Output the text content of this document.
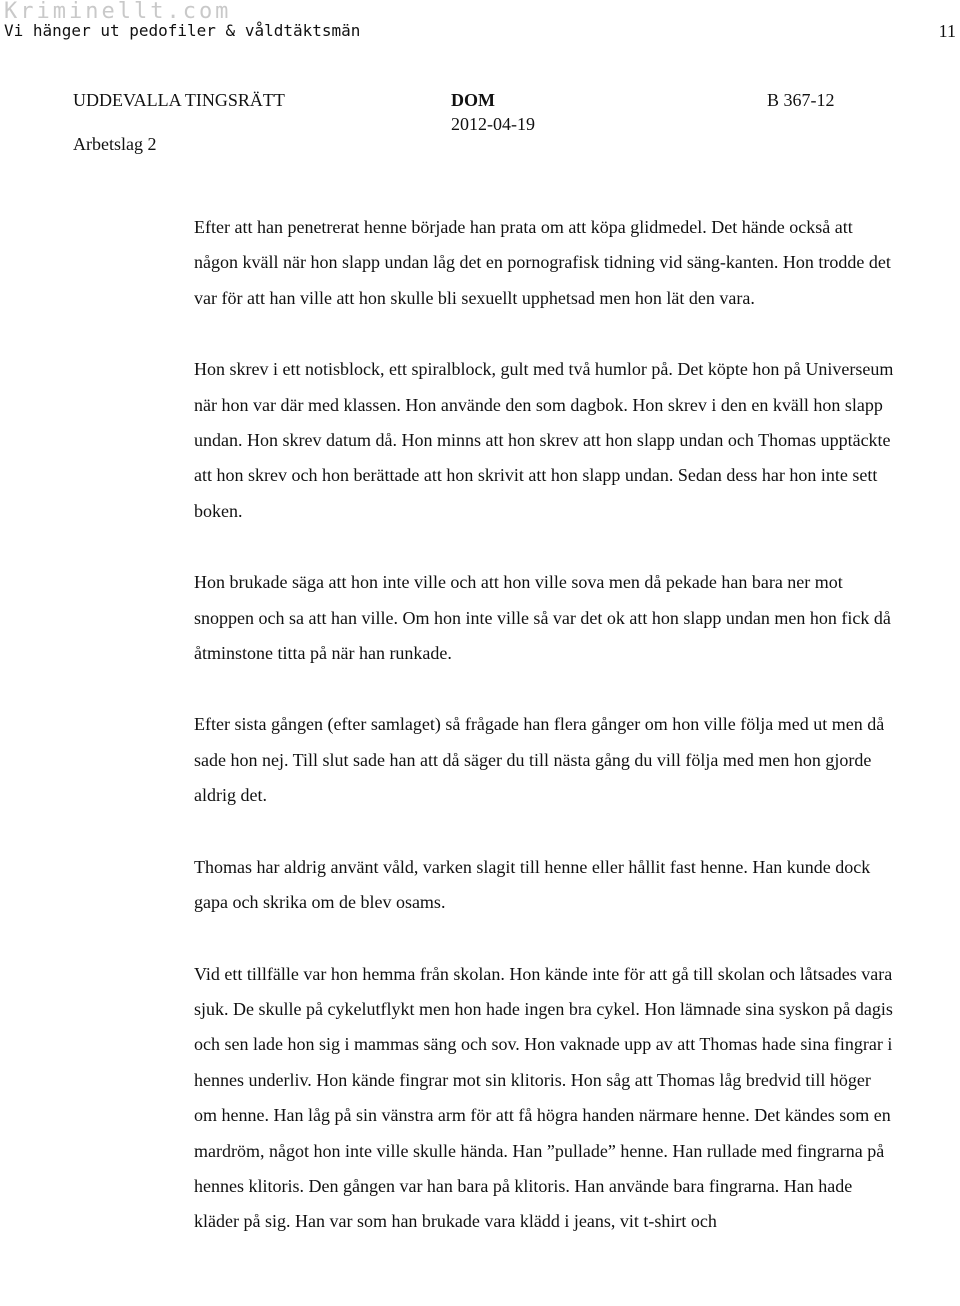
Kriminellt.com
Vi hänger ut pedofiler & våldtäktsmän	11
UDDEVALLA TINGSRÄTT
Arbetslag 2
DOM
2012-04-19
B 367-12

Efter att han penetrerat henne började han prata om att köpa glidmedel. Det hände också att någon kväll när hon slapp undan låg det en pornografisk tidning vid säng-kanten. Hon trodde det var för att han ville att hon skulle bli sexuellt upphetsad men hon lät den vara.

Hon skrev i ett notisblock, ett spiralblock, gult med två humlor på. Det köpte hon på Universeum när hon var där med klassen. Hon använde den som dagbok. Hon skrev i den en kväll hon slapp undan. Hon skrev datum då. Hon minns att hon skrev att hon slapp undan och Thomas upptäckte att hon skrev och hon berättade att hon skrivit att hon slapp undan. Sedan dess har hon inte sett boken.

Hon brukade säga att hon inte ville och att hon ville sova men då pekade han bara ner mot snoppen och sa att han ville. Om hon inte ville så var det ok att hon slapp undan men hon fick då åtminstone titta på när han runkade.

Efter sista gången (efter samlaget) så frågade han flera gånger om hon ville följa med ut men då sade hon nej. Till slut sade han att då säger du till nästa gång du vill följa med men hon gjorde aldrig det.

Thomas har aldrig använt våld, varken slagit till henne eller hållit fast henne. Han kunde dock gapa och skrika om de blev osams.

Vid ett tillfälle var hon hemma från skolan. Hon kände inte för att gå till skolan och låtsades vara sjuk. De skulle på cykelutflykt men hon hade ingen bra cykel. Hon lämnade sina syskon på dagis och sen lade hon sig i mammas säng och sov. Hon vaknade upp av att Thomas hade sina fingrar i hennes underliv. Hon kände fingrar mot sin klitoris. Hon såg att Thomas låg bredvid till höger om henne. Han låg på sin vänstra arm för att få högra handen närmare henne. Det kändes som en mardröm, något hon inte ville skulle hända. Han ”pullade” henne. Han rullade med fingrarna på hennes klitoris. Den gången var han bara på klitoris. Han använde bara fingrarna. Han hade kläder på sig. Han var som han brukade vara klädd i jeans, vit t-shirt och
